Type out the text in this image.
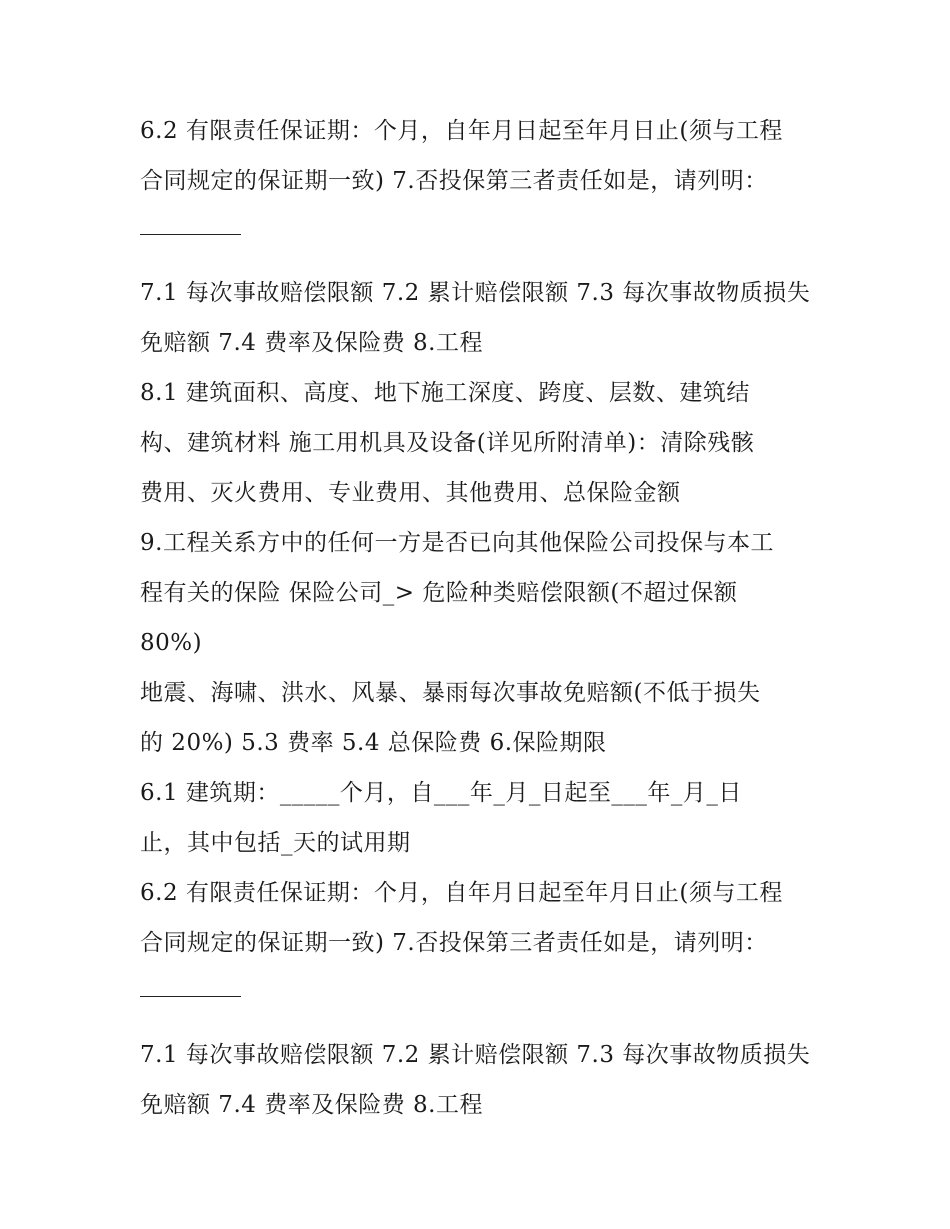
6.2 有限责任保证期：个月，自年月日起至年月日止(须与工程
合同规定的保证期一致) 7.否投保第三者责任如是，请列明：
7.1 每次事故赔偿限额 7.2 累计赔偿限额 7.3 每次事故物质损失
免赔额 7.4 费率及保险费 8.工程
8.1 建筑面积、高度、地下施工深度、跨度、层数、建筑结
构、建筑材料 施工用机具及设备(详见所附清单)：清除残骸
费用、灭火费用、专业费用、其他费用、总保险金额
9.工程关系方中的任何一方是否已向其他保险公司投保与本工
程有关的保险 保险公司_> 危险种类赔偿限额(不超过保额
80%)
地震、海啸、洪水、风暴、暴雨每次事故免赔额(不低于损失
的 20%) 5.3 费率 5.4 总保险费 6.保险期限
6.1 建筑期：_____个月，自___年_月_日起至___年_月_日
止，其中包括_天的试用期
6.2 有限责任保证期：个月，自年月日起至年月日止(须与工程
合同规定的保证期一致) 7.否投保第三者责任如是，请列明：
7.1 每次事故赔偿限额 7.2 累计赔偿限额 7.3 每次事故物质损失
免赔额 7.4 费率及保险费 8.工程
